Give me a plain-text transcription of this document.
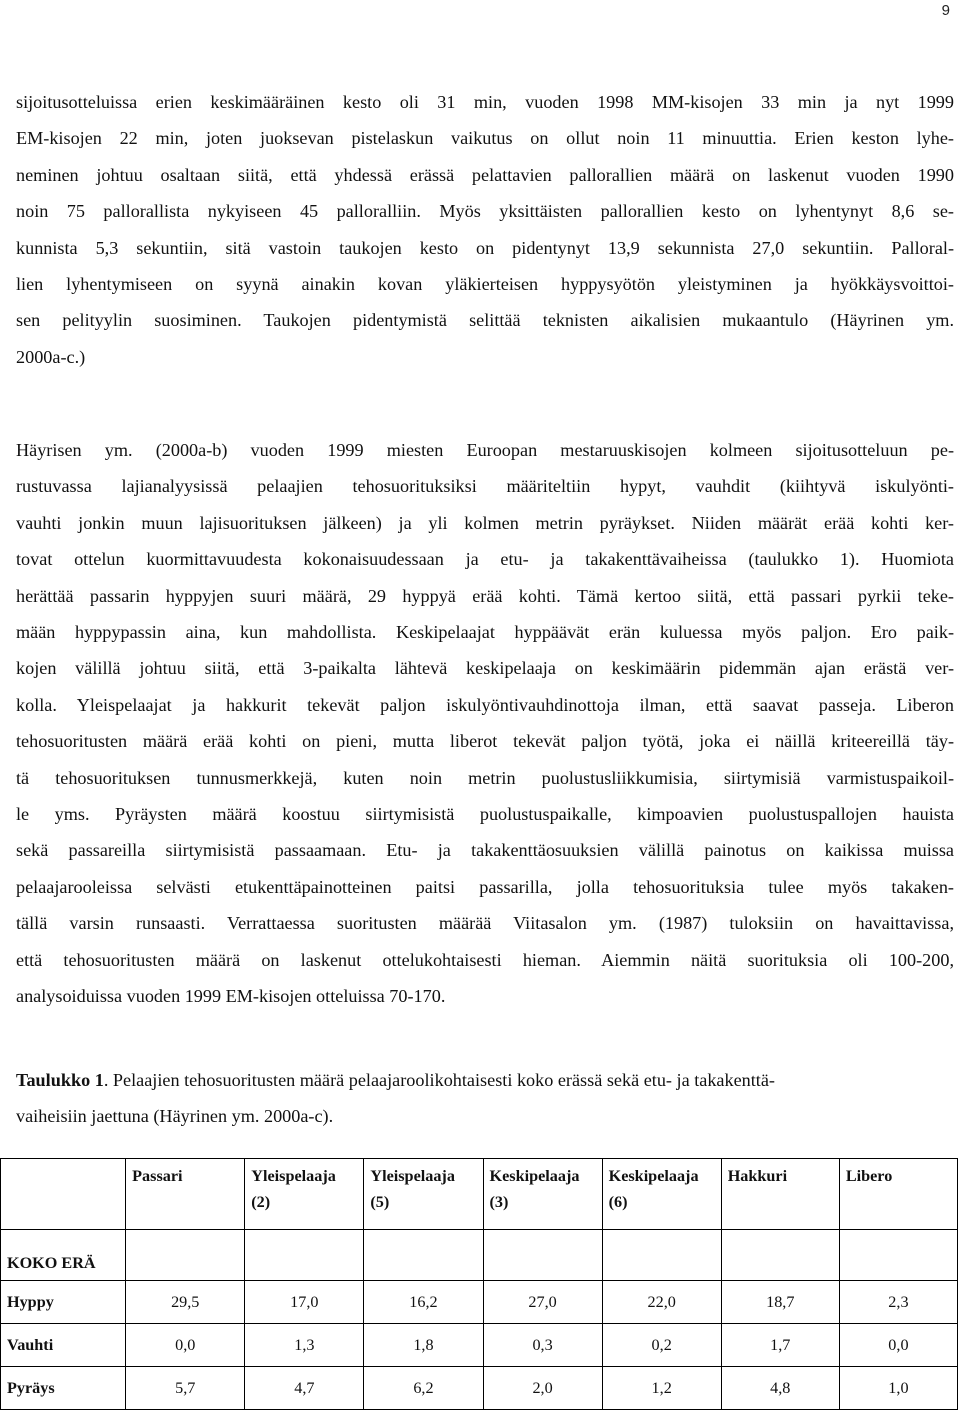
9
sijoitusotteluissa erien keskimääräinen kesto oli 31 min, vuoden 1998 MM-kisojen 33 min ja nyt 1999
EM-kisojen 22 min, joten juoksevan pistelaskun vaikutus on ollut noin 11 minuuttia. Erien keston lyhe-
neminen johtuu osaltaan siitä, että yhdessä erässä pelattavien pallorallien määrä on laskenut vuoden 1990
noin 75 pallorallista nykyiseen 45 palloralliin. Myös yksittäisten pallorallien kesto on lyhentynyt 8,6 se-
kunnista 5,3 sekuntiin, sitä vastoin taukojen kesto on pidentynyt 13,9 sekunnista 27,0 sekuntiin. Palloral-
lien lyhentymiseen on syynä ainakin kovan yläkierteisen hyppysyötön yleistyminen ja hyökkäysvoittoi-
sen pelityylin suosiminen. Taukojen pidentymistä selittää teknisten aikalisien mukaantulo (Häyrinen ym.
2000a-c.)
Häyrisen ym. (2000a-b) vuoden 1999 miesten Euroopan mestaruuskisojen kolmeen sijoitusotteluun pe-
rustuvassa lajianalyysissä pelaajien tehosuorituksiksi määriteltiin hypyt, vauhdit (kiihtyvä iskulyönti-
vauhti jonkin muun lajisuorituksen jälkeen) ja yli kolmen metrin pyräykset. Niiden määrät erää kohti ker-
tovat ottelun kuormittavuudesta kokonaisuudessaan ja etu- ja takakenttävaiheissa (taulukko 1). Huomiota
herättää passarin hyppyjen suuri määrä, 29 hyppyä erää kohti. Tämä kertoo siitä, että passari pyrkii teke-
mään hyppypassin aina, kun mahdollista. Keskipelaajat hyppäävät erän kuluessa myös paljon. Ero paik-
kojen välillä johtuu siitä, että 3-paikalta lähtevä keskipelaaja on keskimäärin pidemmän ajan erästä ver-
kolla. Yleispelaajat ja hakkurit tekevät paljon iskulyöntivauhdinottoja ilman, että saavat passeja. Liberon
tehosuoritusten määrä erää kohti on pieni, mutta liberot tekevät paljon työtä, joka ei näillä kriteereillä täy-
tä tehosuorituksen tunnusmerkkejä, kuten noin metrin puolustusliikkumisia, siirtymisiä varmistuspaikoil-
le yms. Pyräysten määrä koostuu siirtymisistä puolustuspaikalle, kimpoavien puolustuspallojen hauista
sekä passareilla siirtymisistä passaamaan. Etu- ja takakenttäosuuksien välillä painotus on kaikissa muissa
pelaajarooleissa selvästi etukenttäpainotteinen paitsi passarilla, jolla tehosuorituksia tulee myös takaken-
tällä varsin runsaasti. Verrattaessa suoritusten määrää Viitasalon ym. (1987) tuloksiin on havaittavissa,
että tehosuoritusten määrä on laskenut ottelukohtaisesti hieman. Aiemmin näitä suorituksia oli 100-200,
analysoiduissa vuoden 1999 EM-kisojen otteluissa 70-170.
Taulukko 1. Pelaajien tehosuoritusten määrä pelaajaroolikohtaisesti koko erässä sekä etu- ja takakenttä-
vaiheisiin jaettuna (Häyrinen ym. 2000a-c).
	Passari	Yleispelaaja (2)	Yleispelaaja (5)	Keskipelaaja (3)	Keskipelaaja (6)	Hakkuri	Libero
KOKO ERÄ							
Hyppy	29,5	17,0	16,2	27,0	22,0	18,7	2,3
Vauhti	0,0	1,3	1,8	0,3	0,2	1,7	0,0
Pyräys	5,7	4,7	6,2	2,0	1,2	4,8	1,0
